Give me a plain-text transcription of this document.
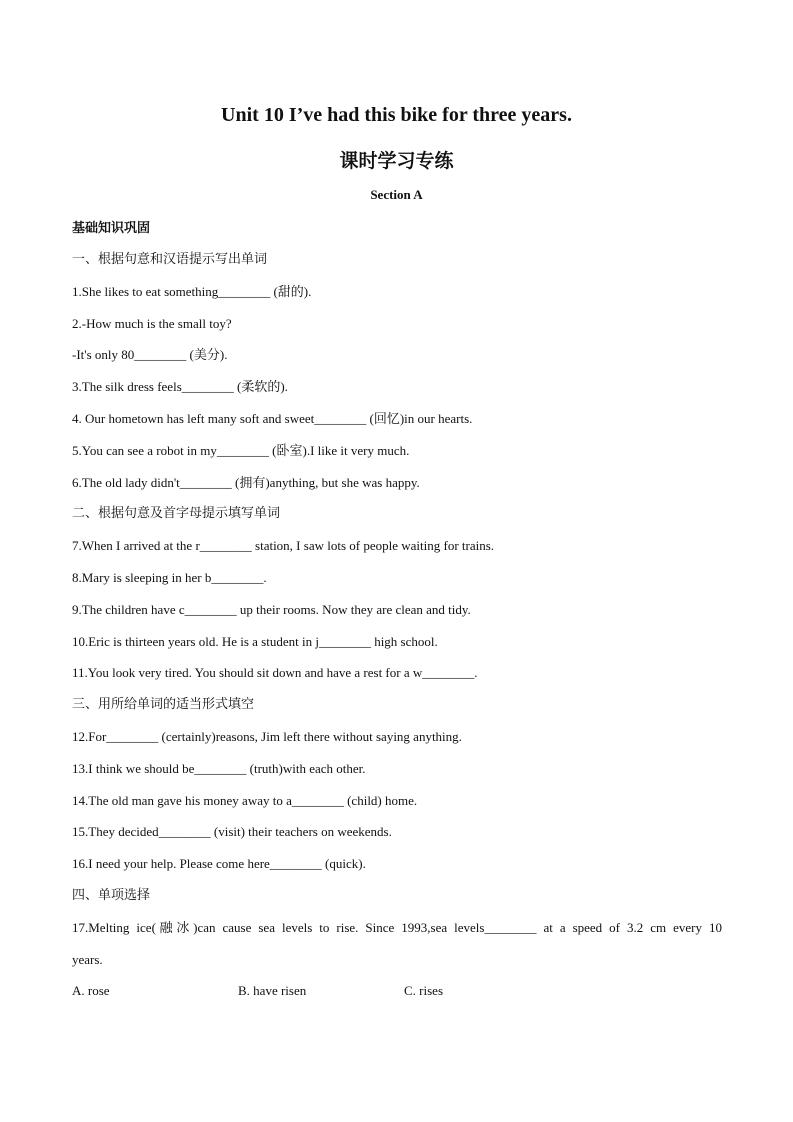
Unit 10 I’ve had this bike for three years.
课时学习专练
Section A
基础知识巩固
一、根据句意和汉语提示写出单词
1.She likes to eat something________ (甜的).
2.-How much is the small toy?
-It's only 80________ (美分).
3.The silk dress feels________ (柔软的).
4. Our hometown has left many soft and sweet________ (回忆)in our hearts.
5.You can see a robot in my________ (卧室).I like it very much.
6.The old lady didn't________ (拥有)anything, but she was happy.
二、根据句意及首字母提示填写单词
7.When I arrived at the r________ station, I saw lots of people waiting for trains.
8.Mary is sleeping in her b________.
9.The children have c________ up their rooms. Now they are clean and tidy.
10.Eric is thirteen years old. He is a student in j________ high school.
11.You look very tired. You should sit down and have a rest for a w________.
三、用所给单词的适当形式填空
12.For________ (certainly)reasons, Jim left there without saying anything.
13.I think we should be________ (truth)with each other.
14.The old man gave his money away to a________ (child) home.
15.They decided________ (visit) their teachers on weekends.
16.I need your help. Please come here________ (quick).
四、单项选择
17.Melting ice(融冰)can cause sea levels to rise. Since 1993,sea levels________ at a speed of 3.2 cm every 10
years.
A. rose	B. have risen	C. rises
